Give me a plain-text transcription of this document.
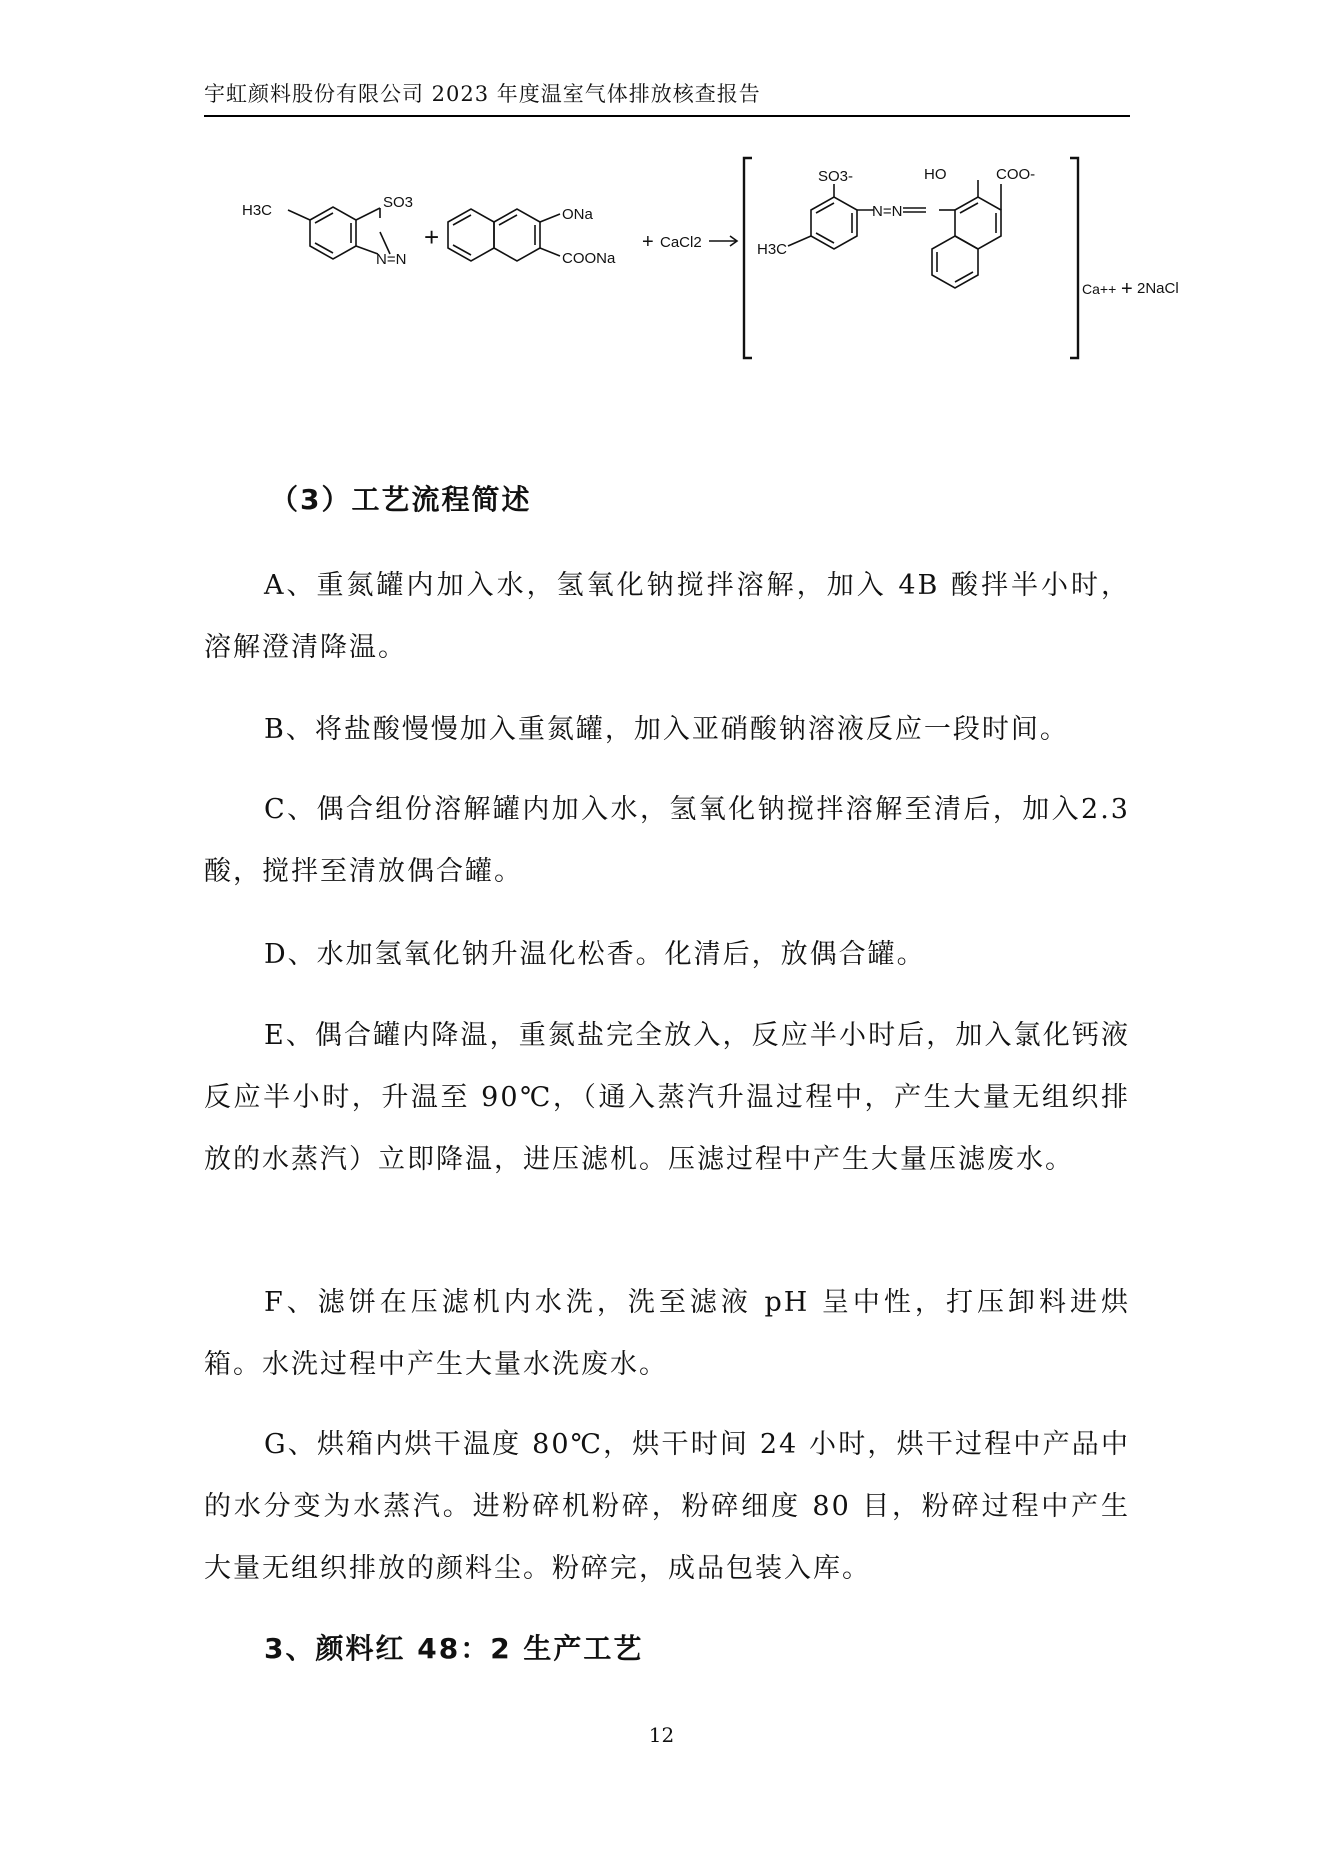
宇虹颜料股份有限公司 2023 年度温室气体排放核查报告
H3C	SO3
N=N
+
ONa
COONa
+ CaCl2
SO3-
N=N
H3C
HO	COO-
Ca++ + 2NaCl
（3）工艺流程简述

A、重氮罐内加入水，氢氧化钠搅拌溶解，加入 4B 酸拌半小时，溶解澄清降温。

B、将盐酸慢慢加入重氮罐，加入亚硝酸钠溶液反应一段时间。

C、偶合组份溶解罐内加入水，氢氧化钠搅拌溶解至清后，加入2.3 酸，搅拌至清放偶合罐。

D、水加氢氧化钠升温化松香。化清后，放偶合罐。

E、偶合罐内降温，重氮盐完全放入，反应半小时后，加入氯化钙液反应半小时，升温至 90℃，（通入蒸汽升温过程中，产生大量无组织排放的水蒸汽）立即降温，进压滤机。压滤过程中产生大量压滤废水。

F、滤饼在压滤机内水洗，洗至滤液 pH 呈中性，打压卸料进烘箱。水洗过程中产生大量水洗废水。

G、烘箱内烘干温度 80℃，烘干时间 24 小时，烘干过程中产品中的水分变为水蒸汽。进粉碎机粉碎，粉碎细度 80 目，粉碎过程中产生大量无组织排放的颜料尘。粉碎完，成品包装入库。

3、颜料红 48：2 生产工艺
12
